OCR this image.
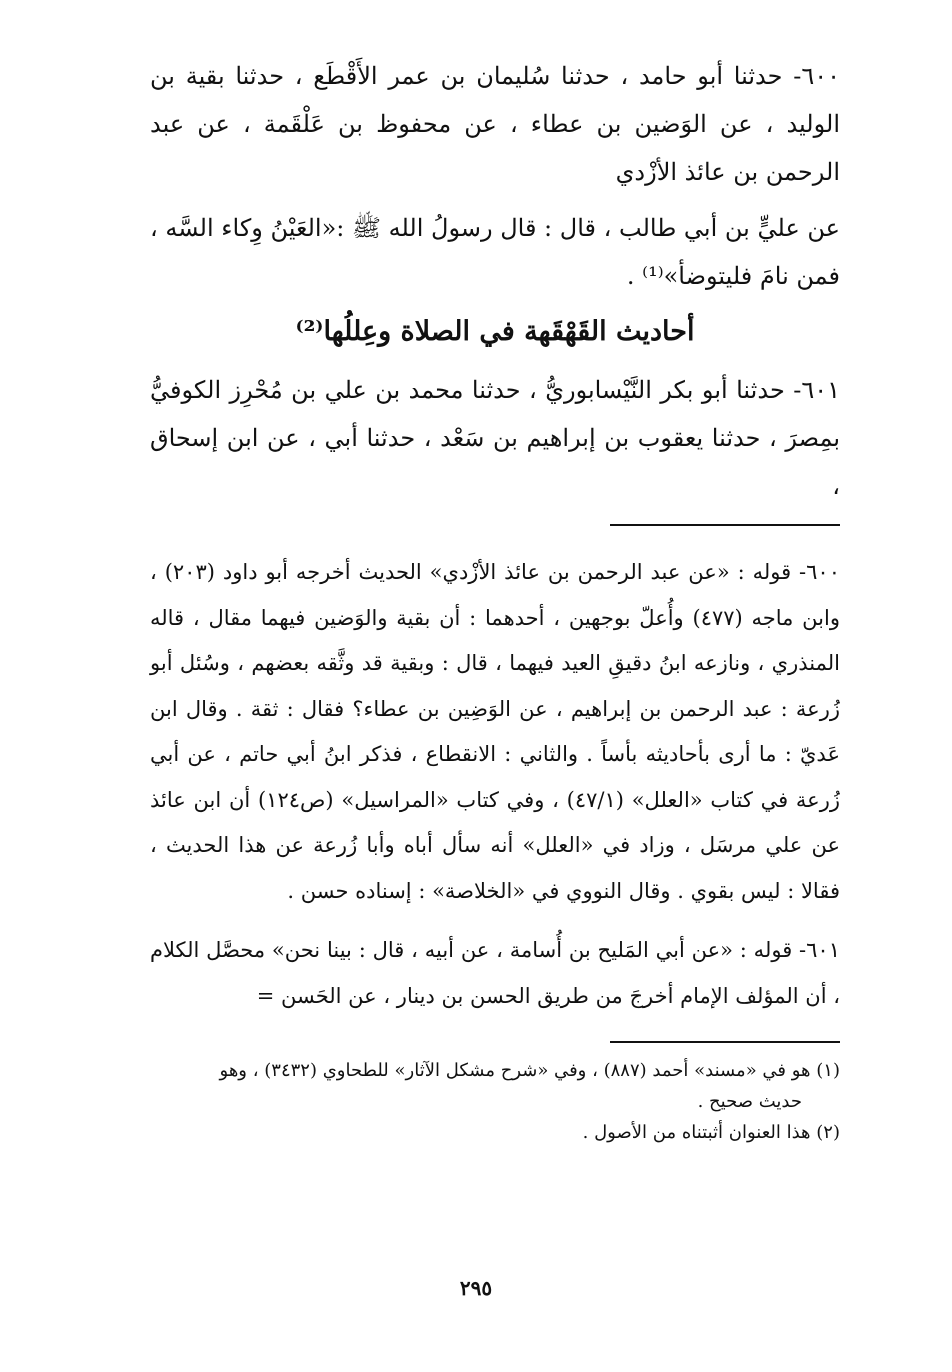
٦٠٠- حدثنا أبو حامد ، حدثنا سُليمان بن عمر الأَقْطَع ، حدثنا بقية بن الوليد ، عن الوَضين بن عطاء ، عن محفوظ بن عَلْقَمة ، عن عبد الرحمن بن عائذ الأزْدي

عن عليٍّ بن أبي طالب ، قال : قال رسولُ الله ﷺ :«العَيْنُ وِكاء السَّه ، فمن نامَ فليتوضأ»⁽¹⁾ .

أحاديث القَهْقَهة في الصلاة وعِللُها⁽²⁾

٦٠١- حدثنا أبو بكر النَّيْسابوريُّ ، حدثنا محمد بن علي بن مُحْرِز الكوفيُّ بمِصرَ ، حدثنا يعقوب بن إبراهيم بن سَعْد ، حدثنا أبي ، عن ابن إسحاق ،

٦٠٠- قوله : «عن عبد الرحمن بن عائذ الأزْدي» الحديث أخرجه أبو داود (٢٠٣) ، وابن ماجه (٤٧٧) وأُعلّ بوجهين ، أحدهما : أن بقية والوَضين فيهما مقال ، قاله المنذري ، ونازعه ابنُ دقيقِ العيد فيهما ، قال : وبقية قد وثَّقه بعضهم ، وسُئل أبو زُرعة : عبد الرحمن بن إبراهيم ، عن الوَضِين بن عطاء؟ فقال : ثقة . وقال ابن عَديّ : ما أرى بأحاديثه بأساً . والثاني : الانقطاع ، فذكر ابنُ أبي حاتم ، عن أبي زُرعة في كتاب «العلل» (٤٧/١) ، وفي كتاب «المراسيل» (ص١٢٤) أن ابن عائذ عن علي مرسَل ، وزاد في «العلل» أنه سأل أباه وأبا زُرعة عن هذا الحديث ، فقالا : ليس بقوي . وقال النووي في «الخلاصة» : إسناده حسن .

٦٠١- قوله : «عن أبي المَليح بن أُسامة ، عن أبيه ، قال : بينا نحن» محصَّل الكلام ، أن المؤلف الإمام أخرجَ من طريق الحسن بن دينار ، عن الحَسن =

(١) هو في «مسند» أحمد (٨٨٧) ، وفي «شرح مشكل الآثار» للطحاوي (٣٤٣٢) ، وهو

حديث صحيح .

(٢) هذا العنوان أثبتناه من الأصول .

٢٩٥
